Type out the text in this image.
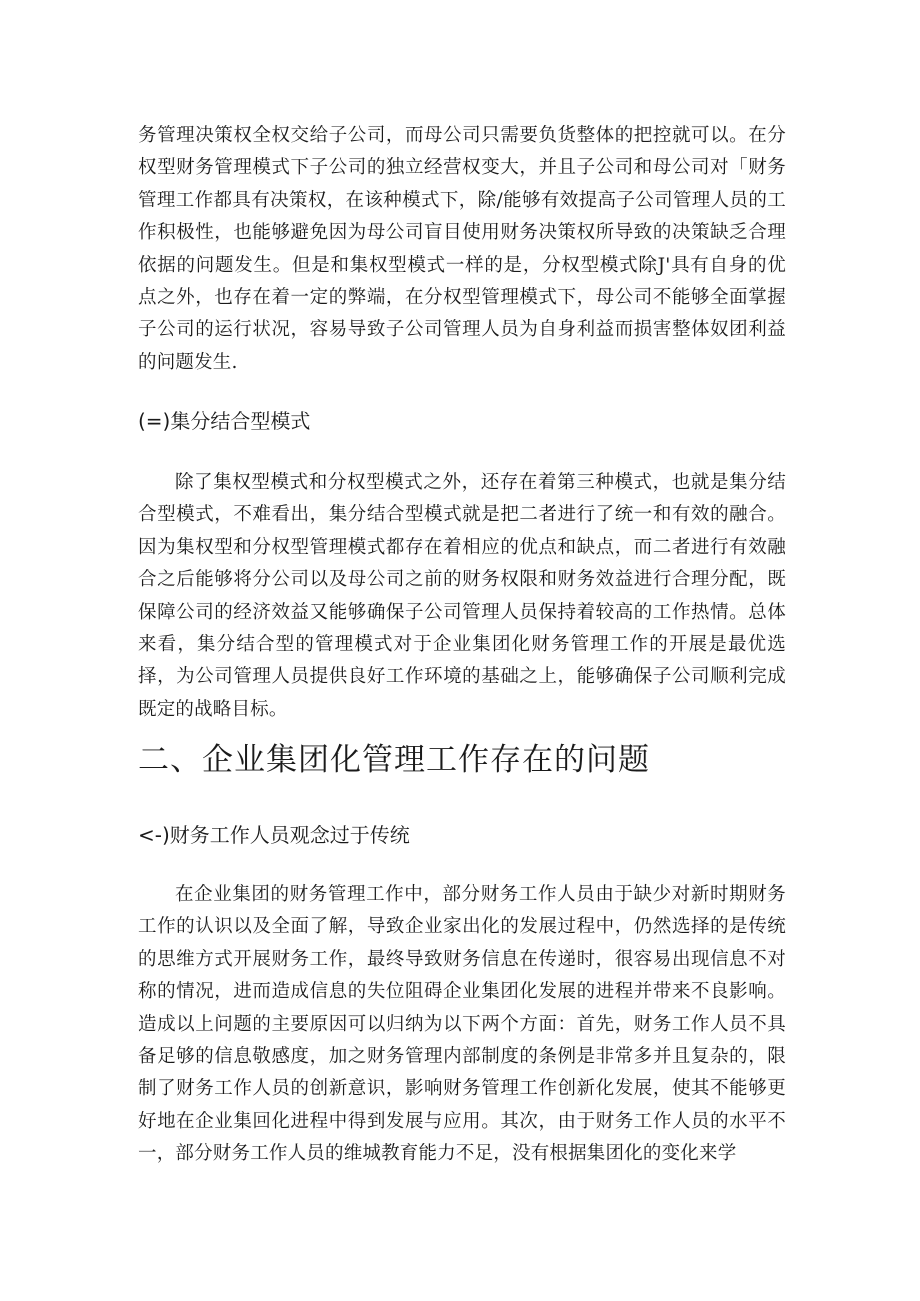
务管理决策权全权交给子公司，而母公司只需要负货整体的把控就可以。在分权型财务管理模式下子公司的独立经营权变大，并且子公司和母公司对「财务管理工作都具有决策权，在该种模式下，除/能够有效提高子公司管理人员的工作积极性，也能够避免因为母公司盲目使用财务决策权所导致的决策缺乏合理依据的问题发生。但是和集权型模式一样的是，分权型模式除J'具有自身的优点之外，也存在着一定的弊端，在分权型管理模式下，母公司不能够全面掌握子公司的运行状况，容易导致子公司管理人员为自身利益而损害整体奴团利益的问题发生.

(=)集分结合型模式

除了集权型模式和分权型模式之外，还存在着第三种模式，也就是集分结合型模式，不难看出，集分结合型模式就是把二者进行了统一和有效的融合。因为集权型和分权型管理模式都存在着相应的优点和缺点，而二者进行有效融合之后能够将分公司以及母公司之前的财务权限和财务效益进行合理分配，既保障公司的经济效益又能够确保子公司管理人员保持着较高的工作热情。总体来看，集分结合型的管理模式对于企业集团化财务管理工作的开展是最优选择，为公司管理人员提供良好工作环境的基础之上，能够确保子公司顺利完成既定的战略目标。

二、企业集团化管理工作存在的问题
<-)财务工作人员观念过于传统

在企业集团的财务管理工作中，部分财务工作人员由于缺少对新时期财务工作的认识以及全面了解，导致企业家出化的发展过程中，仍然选择的是传统的思维方式开展财务工作，最终导致财务信息在传递时，很容易出现信息不对称的情况，进而造成信息的失位阻碍企业集团化发展的进程并带来不良影响。造成以上问题的主要原因可以归纳为以下两个方面：首先，财务工作人员不具备足够的信息敬感度，加之财务管理内部制度的条例是非常多并且复杂的，限制了财务工作人员的创新意识，影响财务管理工作创新化发展，使其不能够更好地在企业集回化进程中得到发展与应用。其次，由于财务工作人员的水平不一，部分财务工作人员的维城教育能力不足，没有根据集团化的变化来学
